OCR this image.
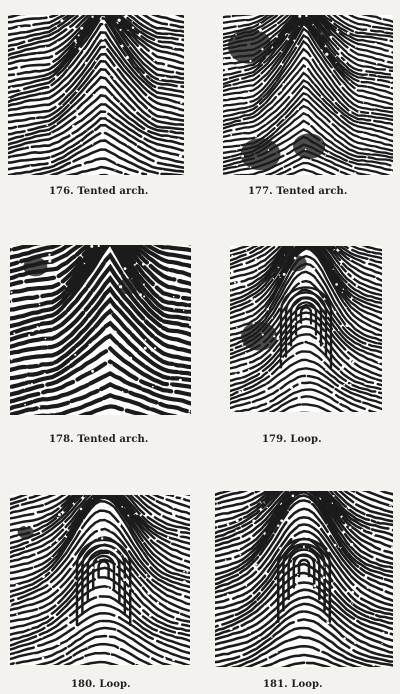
176. Tented arch.	177. Tented arch.
178. Tented arch.	179. Loop.
180. Loop.	181. Loop.
